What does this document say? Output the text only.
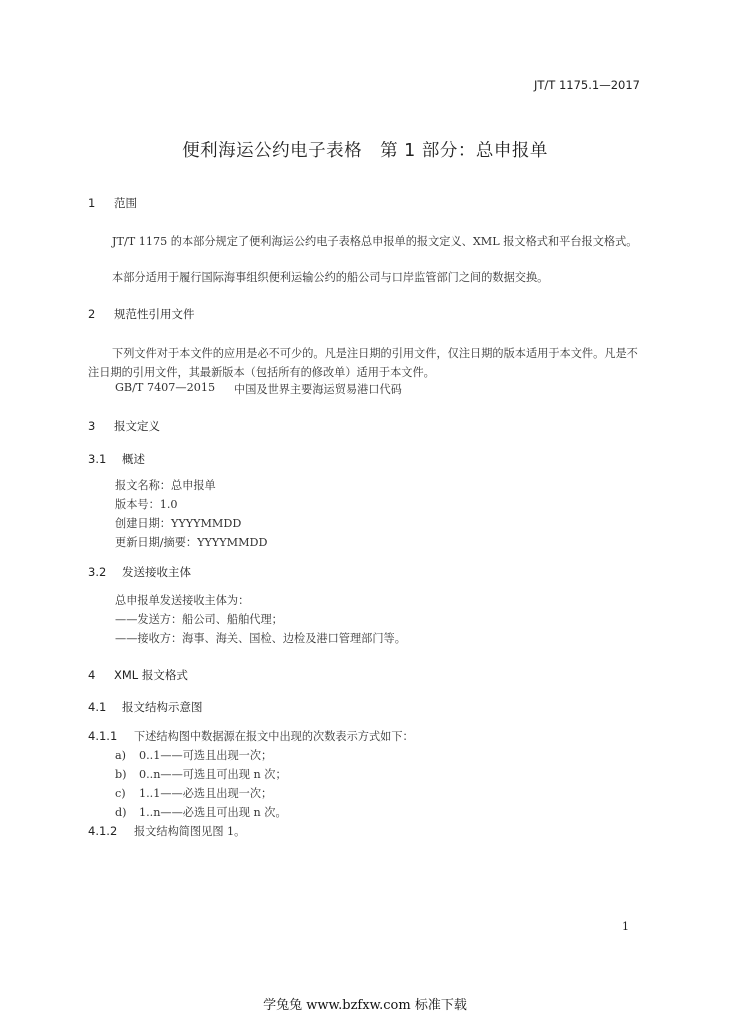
JT/T 1175.1—2017
便利海运公约电子表格　第 1 部分：总申报单
1 范围
JT/T 1175 的本部分规定了便利海运公约电子表格总申报单的报文定义、XML 报文格式和平台报文格式。
本部分适用于履行国际海事组织便利运输公约的船公司与口岸监管部门之间的数据交换。
2 规范性引用文件
下列文件对于本文件的应用是必不可少的。凡是注日期的引用文件，仅注日期的版本适用于本文件。凡是不注日期的引用文件，其最新版本（包括所有的修改单）适用于本文件。
GB/T 7407—2015 中国及世界主要海运贸易港口代码
3 报文定义
3.1 概述
报文名称：总申报单
版本号：1.0
创建日期：YYYYMMDD
更新日期/摘要：YYYYMMDD
3.2 发送接收主体
总申报单发送接收主体为：
——发送方：船公司、船舶代理；
——接收方：海事、海关、国检、边检及港口管理部门等。
4 XML 报文格式
4.1 报文结构示意图
4.1.1 下述结构图中数据源在报文中出现的次数表示方式如下：
a) 0..1——可选且出现一次；
b) 0..n——可选且可出现 n 次；
c) 1..1——必选且出现一次；
d) 1..n——必选且可出现 n 次。
4.1.2 报文结构简图见图 1。
1
学兔兔 www.bzfxw.com 标准下载
